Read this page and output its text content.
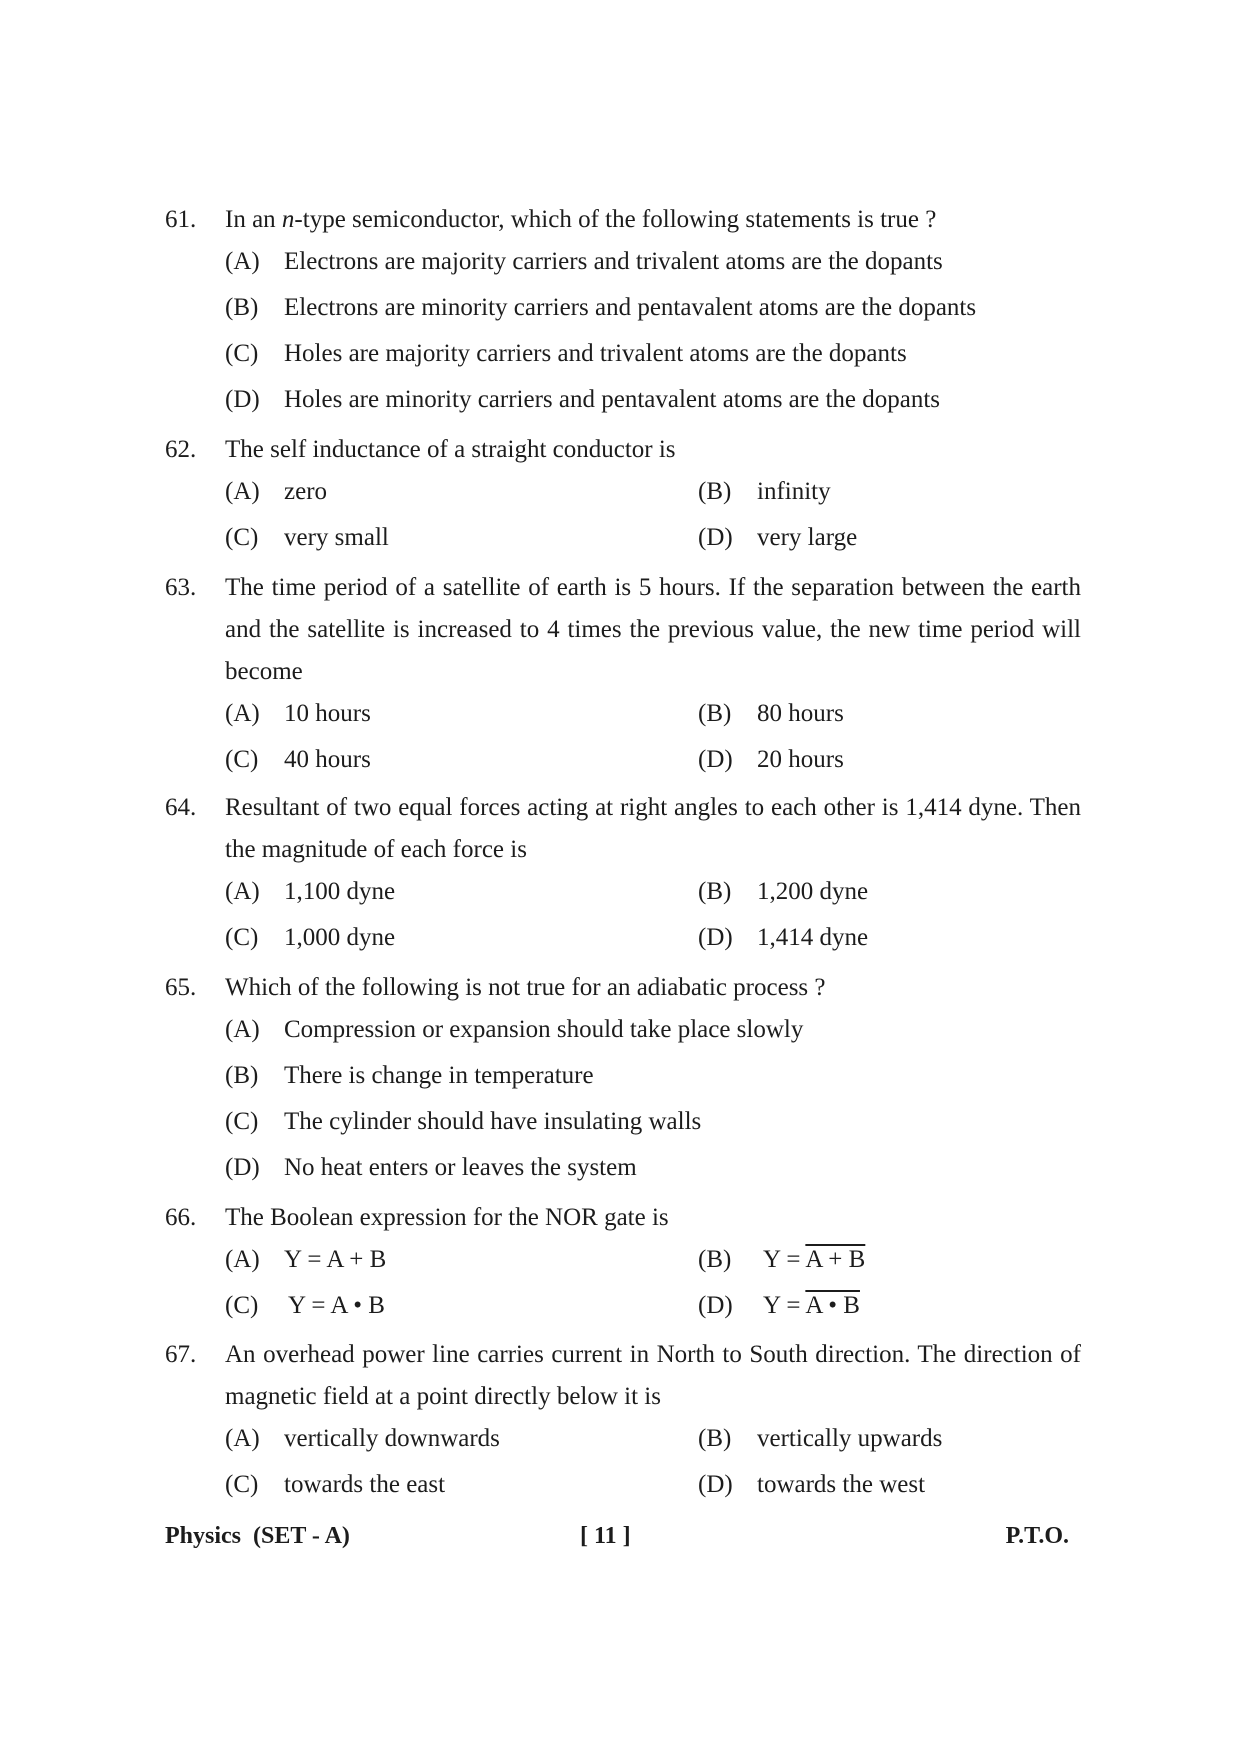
61.	In an n-type semiconductor, which of the following statements is true ?
(A) Electrons are majority carriers and trivalent atoms are the dopants
(B) Electrons are minority carriers and pentavalent atoms are the dopants
(C) Holes are majority carriers and trivalent atoms are the dopants
(D) Holes are minority carriers and pentavalent atoms are the dopants
62.	The self inductance of a straight conductor is
(A) zero	(B) infinity
(C) very small	(D) very large
63.	The time period of a satellite of earth is 5 hours. If the separation between the earth and the satellite is increased to 4 times the previous value, the new time period will become
(A) 10 hours	(B) 80 hours
(C) 40 hours	(D) 20 hours
64.	Resultant of two equal forces acting at right angles to each other is 1,414 dyne. Then the magnitude of each force is
(A) 1,100 dyne	(B) 1,200 dyne
(C) 1,000 dyne	(D) 1,414 dyne
65.	Which of the following is not true for an adiabatic process ?
(A) Compression or expansion should take place slowly
(B) There is change in temperature
(C) The cylinder should have insulating walls
(D) No heat enters or leaves the system
66.	The Boolean expression for the NOR gate is
(A) Y = A + B	(B) Y = A + B
(C) Y = A • B	(D) Y = A • B
67.	An overhead power line carries current in North to South direction. The direction of magnetic field at a point directly below it is
(A) vertically downwards	(B) vertically upwards
(C) towards the east	(D) towards the west
Physics  (SET - A)	[ 11 ]	P.T.O.
